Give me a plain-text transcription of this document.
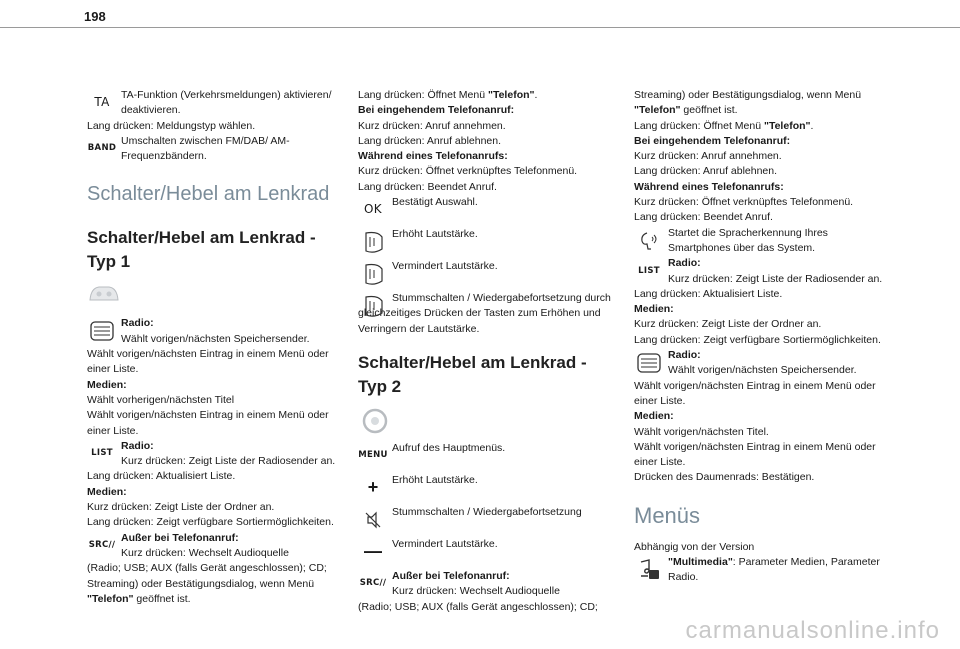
198
TA
TA-Funktion (Verkehrsmeldungen) aktivieren/ deaktivieren.
Lang drücken: Meldungstyp wählen.
BAND
Umschalten zwischen FM/DAB/ AM-Frequenzbändern.
Schalter/Hebel am Lenkrad
Schalter/Hebel am Lenkrad - Typ 1
Radio:
Wählt vorigen/nächsten Speichersender.
Wählt vorigen/nächsten Eintrag in einem Menü oder einer Liste.
Medien:
Wählt vorherigen/nächsten Titel
Wählt vorigen/nächsten Eintrag in einem Menü oder einer Liste.
LIST
Radio:
Kurz drücken: Zeigt Liste der Radiosender an.
Lang drücken: Aktualisiert Liste.
Medien:
Kurz drücken: Zeigt Liste der Ordner an.
Lang drücken: Zeigt verfügbare Sortiermöglichkeiten.
SRC ∕∕
Außer bei Telefonanruf:
Kurz drücken: Wechselt Audioquelle
(Radio; USB; AUX (falls Gerät angeschlossen); CD; Streaming) oder Bestätigungsdialog, wenn Menü "Telefon" geöffnet ist.
Lang drücken: Öffnet Menü "Telefon".
Bei eingehendem Telefonanruf:
Kurz drücken: Anruf annehmen.
Lang drücken: Anruf ablehnen.
Während eines Telefonanrufs:
Kurz drücken: Öffnet verknüpftes Telefonmenü.
Lang drücken: Beendet Anruf.
OK
Bestätigt Auswahl.
Erhöht Lautstärke.
Vermindert Lautstärke.
Stummschalten / Wiedergabefortsetzung durch gleichzeitiges Drücken der Tasten zum Erhöhen und Verringern der Lautstärke.
Schalter/Hebel am Lenkrad - Typ 2
MENU
Aufruf des Hauptmenüs.
+ Erhöht Lautstärke.
Stummschalten / Wiedergabefortsetzung
— Vermindert Lautstärke.
SRC ∕∕
Außer bei Telefonanruf:
Kurz drücken: Wechselt Audioquelle
(Radio; USB; AUX (falls Gerät angeschlossen); CD;
Streaming) oder Bestätigungsdialog, wenn Menü "Telefon" geöffnet ist.
Lang drücken: Öffnet Menü "Telefon".
Bei eingehendem Telefonanruf:
Kurz drücken: Anruf annehmen.
Lang drücken: Anruf ablehnen.
Während eines Telefonanrufs:
Kurz drücken: Öffnet verknüpftes Telefonmenü.
Lang drücken: Beendet Anruf.
Startet die Spracherkennung Ihres Smartphones über das System.
LIST
Radio:
Kurz drücken: Zeigt Liste der Radiosender an.
Lang drücken: Aktualisiert Liste.
Medien:
Kurz drücken: Zeigt Liste der Ordner an.
Lang drücken: Zeigt verfügbare Sortiermöglichkeiten.
Radio:
Wählt vorigen/nächsten Speichersender.
Wählt vorigen/nächsten Eintrag in einem Menü oder einer Liste.
Medien:
Wählt vorigen/nächsten Titel.
Wählt vorigen/nächsten Eintrag in einem Menü oder einer Liste.
Drücken des Daumenrads: Bestätigen.
Menüs
Abhängig von der Version
"Multimedia": Parameter Medien, Parameter Radio.
carmanualsonline.info
